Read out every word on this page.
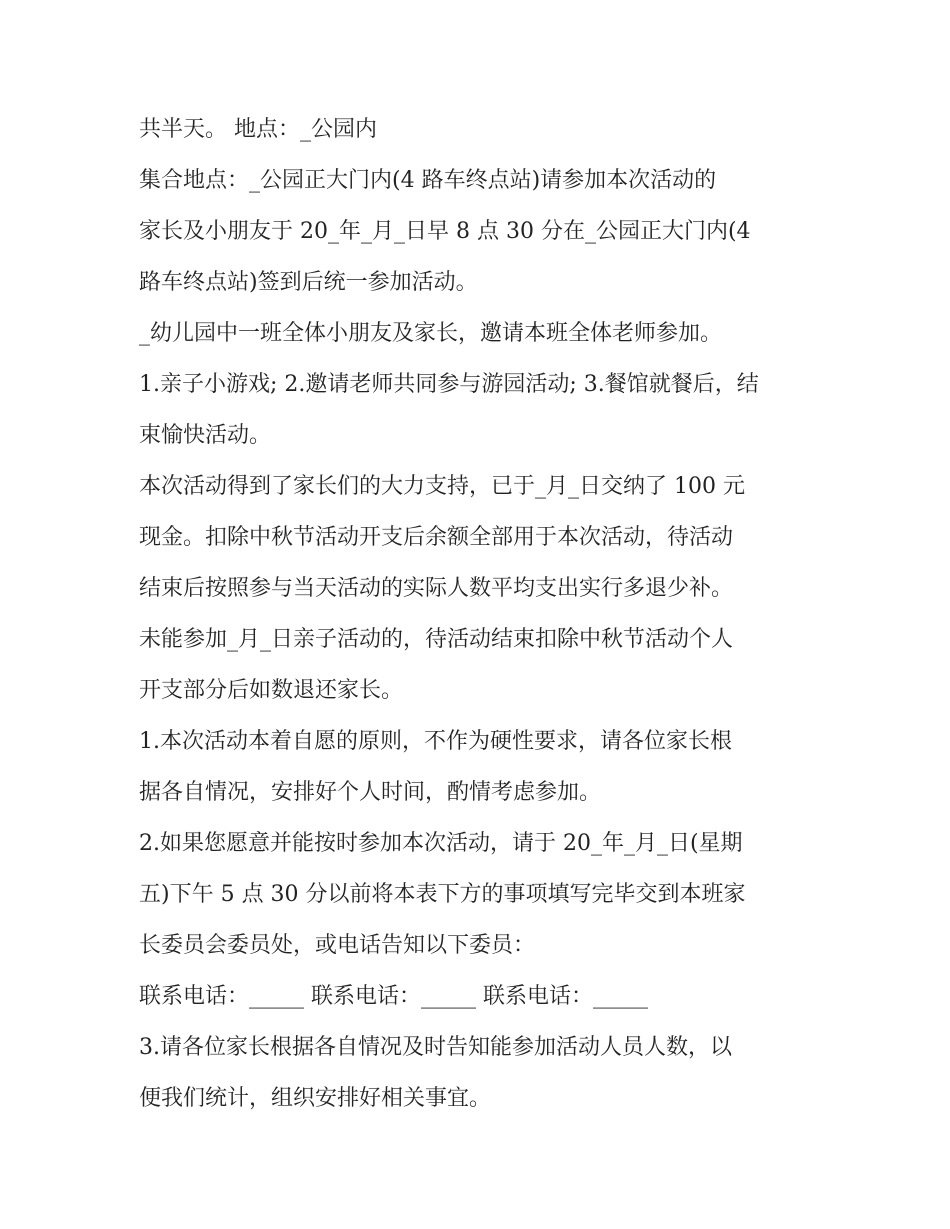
共半天。 地点：_公园内
集合地点：_公园正大门内(4 路车终点站)请参加本次活动的
家长及小朋友于 20_年_月_日早 8 点 30 分在_公园正大门内(4
路车终点站)签到后统一参加活动。
_幼儿园中一班全体小朋友及家长，邀请本班全体老师参加。
1.亲子小游戏; 2.邀请老师共同参与游园活动; 3.餐馆就餐后，结
束愉快活动。
本次活动得到了家长们的大力支持，已于_月_日交纳了 100 元
现金。扣除中秋节活动开支后余额全部用于本次活动，待活动
结束后按照参与当天活动的实际人数平均支出实行多退少补。
未能参加_月_日亲子活动的，待活动结束扣除中秋节活动个人
开支部分后如数退还家长。
1.本次活动本着自愿的原则，不作为硬性要求，请各位家长根
据各自情况，安排好个人时间，酌情考虑参加。
2.如果您愿意并能按时参加本次活动，请于 20_年_月_日(星期
五)下午 5 点 30 分以前将本表下方的事项填写完毕交到本班家
长委员会委员处，或电话告知以下委员：
联系电话：_____ 联系电话：_____ 联系电话：_____
3.请各位家长根据各自情况及时告知能参加活动人员人数，以
便我们统计，组织安排好相关事宜。
